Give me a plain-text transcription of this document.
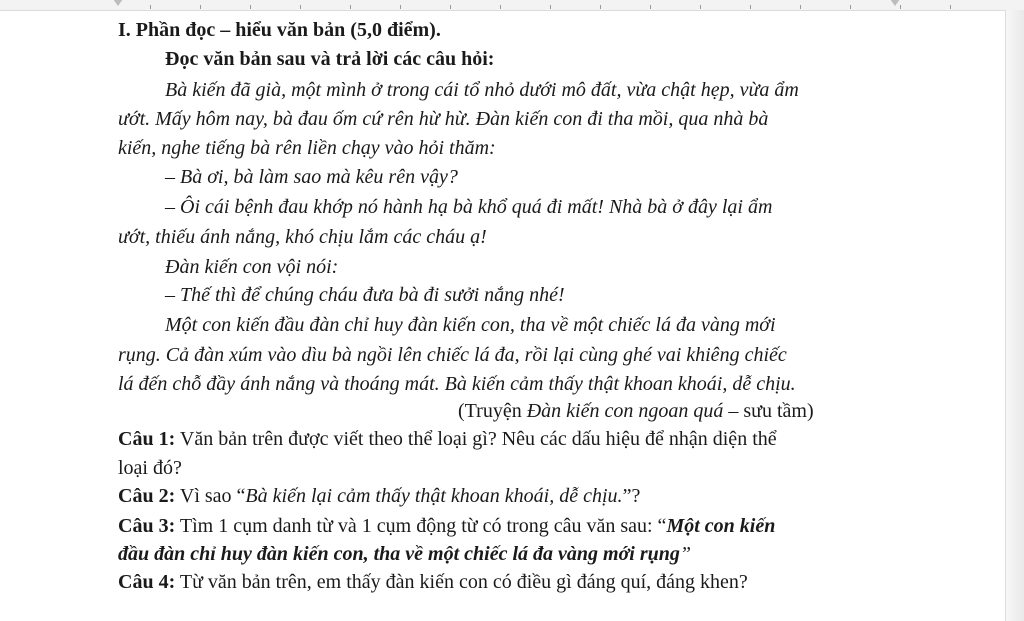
I. Phần đọc – hiểu văn bản (5,0 điểm).
Đọc văn bản sau và trả lời các câu hỏi:
Bà kiến đã già, một mình ở trong cái tổ nhỏ dưới mô đất, vừa chật hẹp, vừa ẩm
ướt. Mấy hôm nay, bà đau ốm cứ rên hừ hừ. Đàn kiến con đi tha mồi, qua nhà bà
kiến, nghe tiếng bà rên liền chạy vào hỏi thăm:
– Bà ơi, bà làm sao mà kêu rên vậy?
– Ôi cái bệnh đau khớp nó hành hạ bà khổ quá đi mất! Nhà bà ở đây lại ẩm
ướt, thiếu ánh nắng, khó chịu lắm các cháu ạ!
Đàn kiến con vội nói:
– Thế thì để chúng cháu đưa bà đi sưởi nắng nhé!
Một con kiến đầu đàn chỉ huy đàn kiến con, tha về một chiếc lá đa vàng mới
rụng. Cả đàn xúm vào dìu bà ngồi lên chiếc lá đa, rồi lại cùng ghé vai khiêng chiếc
lá đến chỗ đầy ánh nắng và thoáng mát. Bà kiến cảm thấy thật khoan khoái, dễ chịu.
(Truyện Đàn kiến con ngoan quá – sưu tầm)
Câu 1: Văn bản trên được viết theo thể loại gì? Nêu các dấu hiệu để nhận diện thể
loại đó?
Câu 2: Vì sao “Bà kiến lại cảm thấy thật khoan khoái, dễ chịu.”?
Câu 3: Tìm 1 cụm danh từ và 1 cụm động từ có trong câu văn sau: “Một con kiến
đầu đàn chỉ huy đàn kiến con, tha về một chiếc lá đa vàng mới rụng”
Câu 4: Từ văn bản trên, em thấy đàn kiến con có điều gì đáng quí, đáng khen?
